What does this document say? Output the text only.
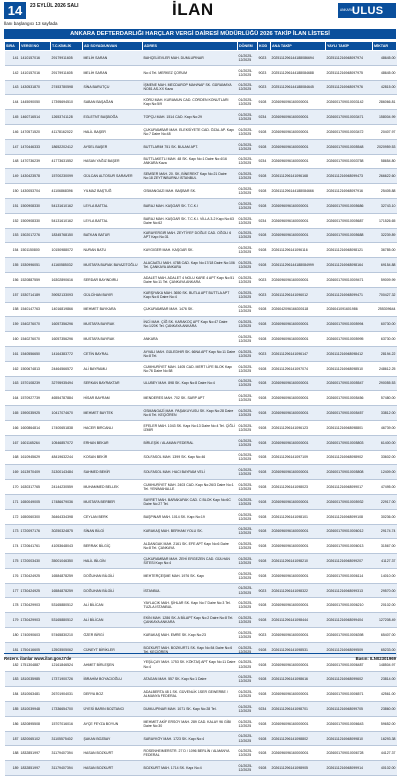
14	23 EYLÜL 2026 SALI
İlanı başlangıcı 13 sayfada
İLAN	ANKARA
ULUS
ANKARA DEFTERDARLIĞI HARÇLAR VERGİ DAİRESİ MÜDÜRLÜĞÜ 2026 TAKİP İLAN LİSTESİ
SIRA	VERGİ NO	T.C.KİMLİK	AD SOYAD/UNVAN	ADRES	DÖNEM	KOD	ANA TAKİP	YAYLI TAKİP	MİKTAR
141	1410157016	29179911605	MELİH SARAN	BAHÇELİEVLER MAH. DUMLUPINAR	01/2025-12/2025	9023	2025111296144188086694	2025111216948097974	48645.00
142	1410157016	29179911605	MELİH SARAN	No:4 Tel. MERKEZ ÇORUM	01/2025-12/2025	9023	2025111296144188084688	2025111216948097975	48645.00
143	1430531870	27453780598	SİNA BARUTÇU	İŞMENE MAH. MECDAROP MAH/NAF SK. GÜRAMAYA NO81 AS-XX Kaza	01/2025-12/2025	9023	2025111296144188084645	2025111216948097976	42815.00
144	1445090050	17395694510	SABAN BAŞAĞAN	KÖRÜ MAH. KURAMUN CAD. CÖRDEN KONUTLARI Kapı No:5/9	01/2025-12/2025	9108	2026096096160000001	2026001709010003142	286066.81
145	1460716514	12653741128	EGLETNT BAŞBOĞA	TOPÇU MAH. 1514 CAD. Kapı No:29	01/2025-12/2025	9234	2026096096160000001	2026001709010003471	158004.99
146	1470571520	41178162022	HALİL BAŞER	ÇUKURAMBAR MAH. ELEKSİYETE CAD. ÖZAL AP. Kapı No:7 Daire No:48	01/2025-12/2025	9108	2026096096160000001	2026001709010003472	20407.97
147	1470446333	18652202412	AYSEL BAŞER	BUTTLARIM 751 SK. BULAM APT.	01/2025-12/2025	9108	2026096096160000001	2026001709010005548	2020959.53
148	1470736239	41773631552	HASAN YAĞIZ BAŞER	BUTTLAKETLI MAH. 48 SK. Kapı No:1 Daire No:4/16 ANKARA Kaza	01/2025-12/2025	9234	2026096096160000001	2026001709010003758	58654.80
149	1430423578	15700230099	GÜLCAN ALTOSUR SARAVER	SEMSER MAH. 20. SK. BİNEREKT Kapı No:21 Daire No:18 ZEYTINBURNU İSTANBUL	01/2025-12/2025	9108	2026111296141096168	2026111216948099473	266622.60
150	1430053704	41106868396	YILMAZ BAŞTUĞ	OSMANGAZI MAH. BAŞBAR SK.	01/2025-12/2025	9108	2026111296144188084666	2026111216948097916	25405.88
151	1500908330	54131610162	LEYLA BATTAL	BARAJ MAH. KAŞGAR SK. T.C.K.I	01/2025-12/2025	9108	2026096096160000001	2026001709010005686	32743.10
152	1500908330	54131610162	LEYLA BATTAL	BARAJ MAH. KAŞGAR SK. T.C.K.I. VİLLA 3-2 Kapı No:63 Daire No:62	01/2025-12/2025	9234	2026096096160000001	2026001709010005687	171526.65
153	1502017276	18345768150	BATKAN BATUR	KARAYERGIR MAH. ZEYTİYEF DOĞLE CAD. OĞOLI 6 APT Kapı No:31	01/2025-12/2025	9108	2026096096160000001	2026001709010005688	32239.89
154	1501150800	10150988072	NURAN BATU	KAYGIGER MAH. KAŞGAR SK.	01/2025-12/2025	9108	2026111296141096116	2026111216948098121	36785.00
155	1530996051	41160585032	MUSTAFA BURAK BAYAZITOĞLU	ALACAATLI MAH. 4788 CAD. Kapı No:17/18 Daire No:106 Tel. ÇANKAYA ANKARA	01/2025-12/2025	9108	2026111296144188084999	2026111216948098164	69154.88
156	1520887559	16302890616	SERDAR BAYINDIRLI	ADALET MAH. ADALET 4 NOLU KARE 4 APT Kapı No:51 Daire No:11 Tel. ÇANKAYA ANKARA	01/2025-12/2025	9023	2026096096160000001	2026001709010009471	59009.99
157	1530714189	39052133093	GÜLCİHAN BAYIR	KARŞIYAKA MAH. 3650 SK. BUTLA APT BUTTLA APT Kapı No:6 Daire No:4	01/2025-12/2025	9023	2026111296141096012	2026111216948099471	700427.32
158	1540147763	14016819866	MEHMET BAYKARA	ÇUKURAMBAR MAH. 1476 SK.	01/2025-12/2025	9108	2026042096166300118	2026041091601986	255309644
159	1540276070	16057356296	MUSTAFA BAYRAK	İNCİ MAH. ÇİĞ SK. KARAKOÇ APT Kapı No:47 Daire No:1/20K Tel. ÇANKAYA ANKARA	01/2025-12/2025	9108	2026096096160000001	2026001709010005994	60730.00
160	1540276070	16057356296	MUSTAFA BAYRAK	ANKARA	01/2025-12/2025	9108	2026096096160000001	2026001709010005995	63730.00
161	1540556650	14164383772	CETİN BAYRAL	AYVALI MAH. GÜLEDHIR SK. 66NA APT Kapı No:11 Daire No:8 Tel.	01/2025-12/2025	9023	2026111296141096147	2026111216948098412	28194.22
162	1500674813	24464566572	ALİ BAYRAMLI	CUMHURİYET MAH. 1405 CAD. MERT LİFE BLOK Kapı No:76 Daire No:58	01/2025-12/2025	9108	2026111296141097074	2026111216948098510	248612.25
163	1570108239	32795935494	SERKAN BAYRAKTAR	ULUBEY MAH. 898 SK. Kapı No:8 Daire No:4	01/2025-12/2025	9108	2026096096160000001	2026001709010005547	290055.53
164	1570927739	46554787884	HİSAR BAYRAM	MENDERES MAH. 702 SK. SARP APT	01/2025-12/2025	9108	2026096096160000001	2026001709010005456	57480.00
165	1590035925	10417074670	MEHMET BAYTEK	OSMANGAZİ MAH. PAŞAKUYUSU SK. Kapı No:28 Daire No:6 Tel. KEÇİÖREN	01/2025-12/2025	9108	2026096096160000001	2026001709010005457	33812.00
166	1600864814	17400651838	HACER BIRCANLI	EFELER MAH. 1043 SK. Kapı No:13 Daire No:4 Tel. ÇİĞLİ İZMİR	01/2025-12/2025	9108	2026111296141096123	2026111216948098801	46739.00
167	1601165264	10546857072	ERHAN BEKAR	BİRLEŞİK / ALAMAN FEDERAL	01/2025-12/2025	9108	2026096096160000001	2026001709010005803	61400.00
168	1610945629	48419632244	KOSAN BEKİR	SOLFASOL MAH. 1399 SK. Kapı No:46	01/2025-12/2025	9108	2026111296141097109	2026111216948098902	33602.00
169	1613970409	31300143484	SAHMED BEKİR	SOLFASOL MAH. HACI BAYRAM VELİ	01/2025-12/2025	9108	2026096096160000001	2026001709010005808	12409.00
170	1630317765	24144230559	MUHAMMED BELLEK	CUMHURİYET MAH. 2403 CAD. Kapı No:26/3 Daire No:1 Tel. YENİMAHALLE	01/2025-12/2025	9108	2026111296141098023	2026111216948099017	47495.00
171	1650049005	17486679036	MUSTAFA BERBER	SAYRET MAH. BARAKAFAK CAD. C BLOK Kapı No:6C Daire No:27 Tel.	01/2025-12/2025	9108	2026096096160000001	2026001709010005932	22917.00
172	1650060300	36464334398	CEYLAN BERK	BAŞPINAR MAH. 1014 SK. Kapı No:19	01/2025-12/2025	9108	2026111296141098101	2026111216948099108	30236.00
173	1720097176	30250324875	SİNAN BİLGİ	KARAKAŞ MAH. BERHAM YOLU SK.	01/2025-12/2025	9108	2026096096160000001	2026001709010006012	29174.74
174	1720641761	41053648043	BERRAK BİLGİÇ	ALDANGAK MAH. 2161 SK. EFE APT Kapı No:6 Daire No:8 Tel. ÇANKAYA	01/2025-12/2025	9108	2026096096160000001	2026001709010006013	31567.00
175	1720003430	35001046350	HALİL BİLGİN	ÇUKURAMBAR MAH. ZEHİ ERGEZEN CAD. GÜLHAN SİTESİ Kapı No:4	01/2025-12/2025	9108	2026111296141098210	2026111216948099207	41127.37
176	1730424925	16584878259	DOĞUHAN BİLGİLİ	MEHTERÇEŞME MAH. 1976 SK. Kapı	01/2025-12/2025	9108	2026096096160000001	2026001709010006114	14010.00
177	1730424925	16584878259	DOĞUHAN BİLGİLİ	İSTANBUL	01/2025-12/2025	9023	2026111296141098322	2026111216948099313	29570.00
178	1730429903	53165880512	ALİ BİLİCAN	YAYLACIK MAH. ŞİHLAR SK. Kapı No:7 Daire No:3 Tel. TUZLA İSTANBUL	01/2025-12/2025	9108	2026096096160000001	2026001709010006210	20102.00
179	1730429903	53165880512	ALİ BİLİCAN	EKİN MAH. 1286 SK. A BİLAPT Kapı No:2 Daire No:8 Tel. ÇANKAYA ANKARA	01/2025-12/2025	9108	2026111296141098444	2026111216948099404	127208.49
180	1740090603	57465830210	ÖZER BİRGİ	KARAKAŞ MAH. EMRE SK. Kapı No:23	01/2025-12/2025	9023	2026096096160000001	2026001709010006398	65407.00
181	1750416605	12503505062	CÜNEYT BİRİKLER	BOZKURT MAH. BOZKURT1 SK. Kapı No:54 Daire No:6 Tel. KEÇİÖREN	01/2025-12/2025	9108	2026111296141098531	2026111216948099509	65233.00
182	1751304887	12161846524	AHMET BİRLEŞEN	YEŞİLÇAY MAH. 1753 SK. KÖKTAŞ APT Kapı No:11 Daire No:4	01/2025-12/2025	9108	2026096096160000001	2026001709010006487	148504.97
183	1810035985	17371900726	İBRAHİM BOYACIOĞLU	ATAGAN MAH. 557 SK. Kapı No:1 Daire	01/2025-12/2025	9108	2026111296141098616	2026111216948099602	23814.00
184	1810063481	26701904031	DERYA BOZ	ADALBERTA 48 1 SK. GÜVENLİK 1SER GEWERBE / ALMANYA FEDERAL	01/2025-12/2025	9108	2026096096160000001	2026001709010006571	42561.00
185	1810039948	17336654700	ÜYESİ BARIN BOZTANCI	DUMLUPINAR MAH. 1071 SK. Kapı No:28 Tel.	01/2025-12/2025	9234	2026111296141098701	2026111216948099705	23860.00
186	1820895508	15707016016	AYÇE FEYZA BOYUN	MEHMET AKİF ERSOY MAH. 289 CAD. KALAY 96 GİBI Daire No:30	01/2025-12/2025	9108	2026096096160000001	2026001709010006643	59652.00
187	1820065102	31105575402	ŞAKAN BOZBAY	SARAYKÖY MAH. 1723 SK. Kapı No:4	01/2025-12/2025	9108	2026111296141098802	2026111216948099810	16293.38
188	1832851997	31179407394	HASAN BOZKURT	ROSENHEIMERSTR. 27 D / 1096 BERLİN / ALMANYA FEDERAL	01/2025-12/2025	9108	2026096096160000001	2026001709010006728	44127.37
189	1832851997	31179407394	HASAN BOZKURT	BOZKURT MAH. 1714 SK. Kapı No:4	01/2025-12/2025	9108	2026111296141098905	2026111216948099914	40102.00
Rezerv. ilanlar www.ilan.gov.tr'de	Basın: ILN02301969
